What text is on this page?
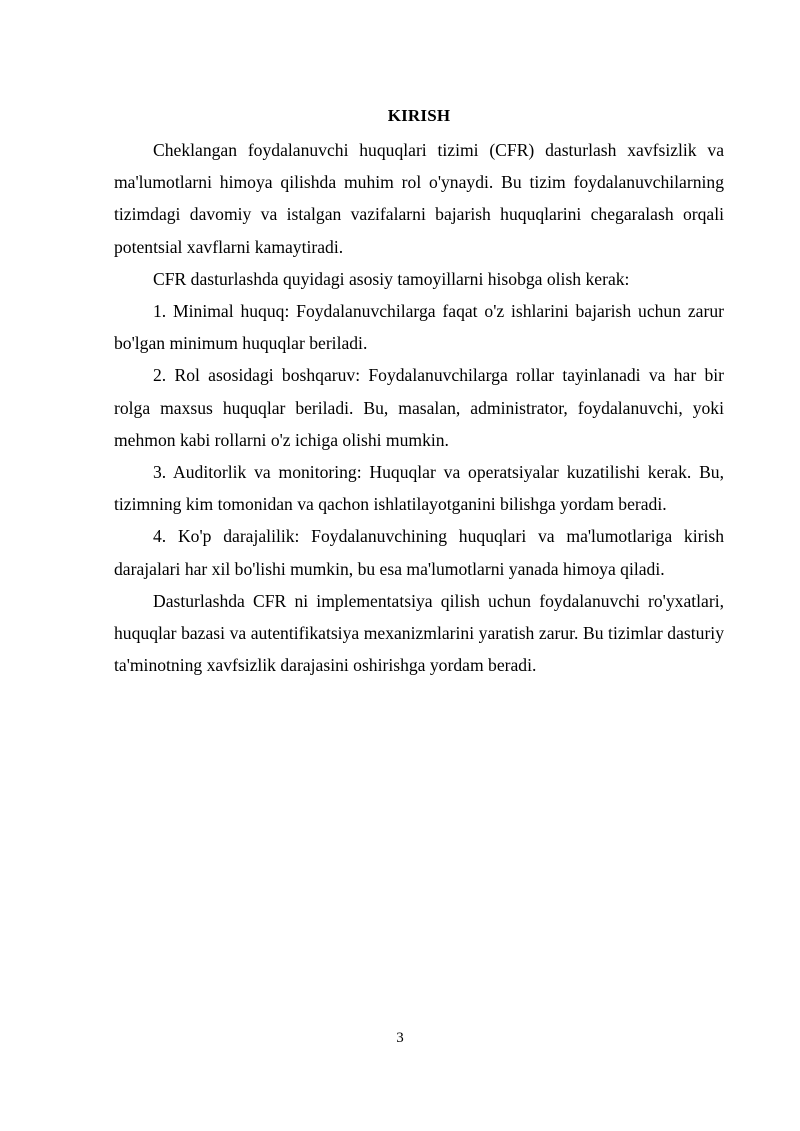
KIRISH

Cheklangan foydalanuvchi huquqlari tizimi (CFR) dasturlash xavfsizlik va ma'lumotlarni himoya qilishda muhim rol o'ynaydi. Bu tizim foydalanuvchilarning tizimdagi davomiy va istalgan vazifalarni bajarish huquqlarini chegaralash orqali potentsial xavflarni kamaytiradi.

CFR dasturlashda quyidagi asosiy tamoyillarni hisobga olish kerak:

1. Minimal huquq: Foydalanuvchilarga faqat o'z ishlarini bajarish uchun zarur bo'lgan minimum huquqlar beriladi.

2. Rol asosidagi boshqaruv: Foydalanuvchilarga rollar tayinlanadi va har bir rolga maxsus huquqlar beriladi. Bu, masalan, administrator, foydalanuvchi, yoki mehmon kabi rollarni o'z ichiga olishi mumkin.

3. Auditorlik va monitoring: Huquqlar va operatsiyalar kuzatilishi kerak. Bu, tizimning kim tomonidan va qachon ishlatilayotganini bilishga yordam beradi.

4. Ko'p darajalilik: Foydalanuvchining huquqlari va ma'lumotlariga kirish darajalari har xil bo'lishi mumkin, bu esa ma'lumotlarni yanada himoya qiladi.

Dasturlashda CFR ni implementatsiya qilish uchun foydalanuvchi ro'yxatlari, huquqlar bazasi va autentifikatsiya mexanizmlarini yaratish zarur. Bu tizimlar dasturiy ta'minotning xavfsizlik darajasini oshirishga yordam beradi.

3
